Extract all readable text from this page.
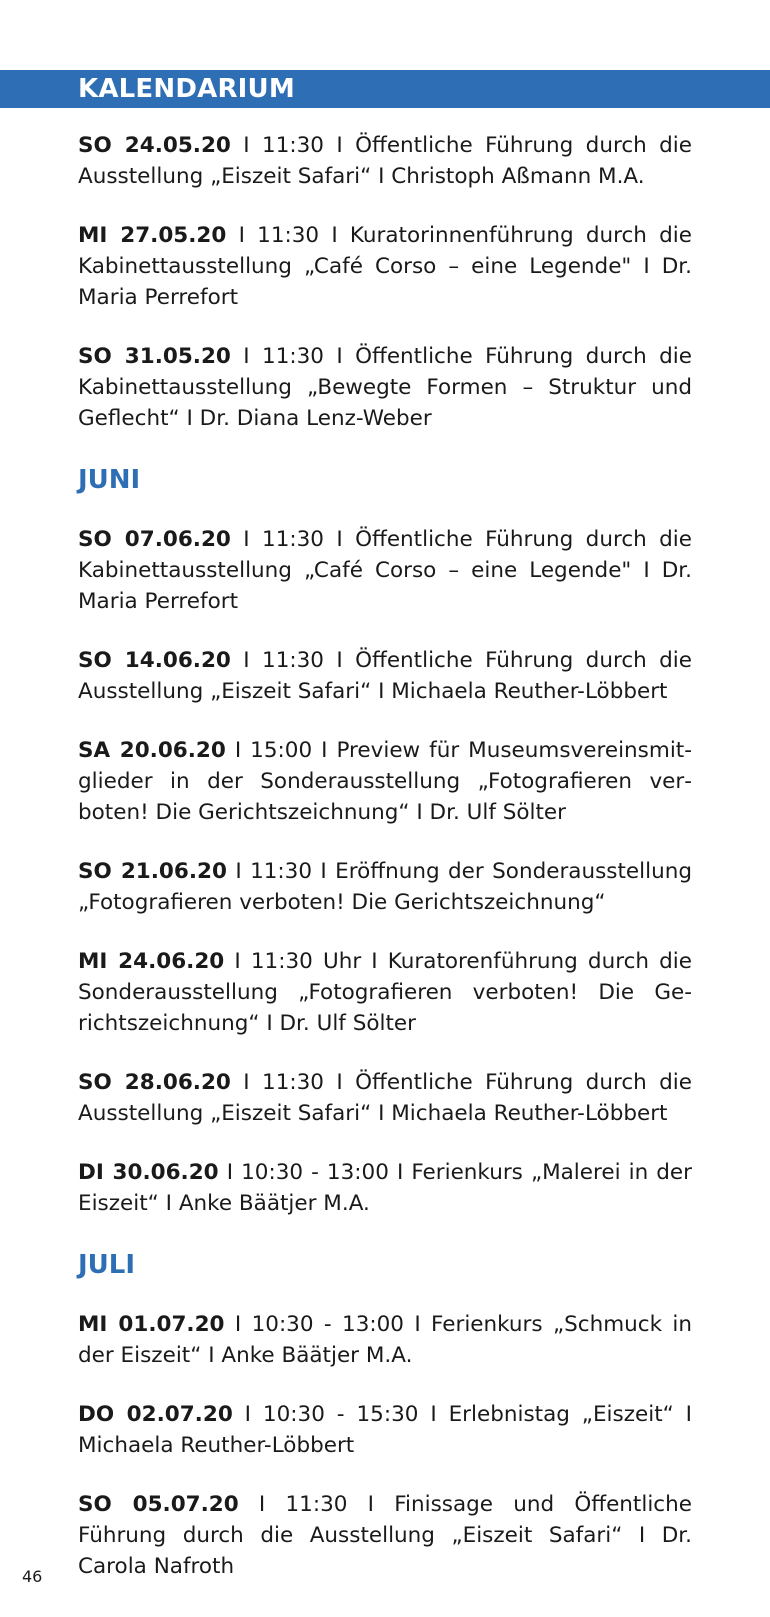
KALENDARIUM
SO 24.05.20 I 11:30 I Öffentliche Führung durch die Ausstellung „Eiszeit Safari“ I Christoph Aßmann M.A.
MI 27.05.20 I 11:30 I Kuratorinnenführung durch die Kabinettausstellung „Café Corso – eine Legende" I Dr. Maria Perrefort
SO 31.05.20 I 11:30 I Öffentliche Führung durch die Kabinettausstellung „Bewegte Formen – Struktur und Geflecht“ I Dr. Diana Lenz-Weber
JUNI
SO 07.06.20 I 11:30 I Öffentliche Führung durch die Kabinettausstellung „Café Corso – eine Legende" I Dr. Maria Perrefort
SO 14.06.20 I 11:30 I Öffentliche Führung durch die Ausstellung „Eiszeit Safari“ I Michaela Reuther-Löbbert
SA 20.06.20 I 15:00 I Preview für Museumsvereinsmitglieder in der Sonderausstellung „Fotografieren verboten! Die Gerichtszeichnung“ I Dr. Ulf Sölter
SO 21.06.20 I 11:30 I Eröffnung der Sonderausstellung „Fotografieren verboten! Die Gerichtszeichnung“
MI 24.06.20 I 11:30 Uhr I Kuratorenführung durch die Sonderausstellung „Fotografieren verboten! Die Gerichtszeichnung“ I Dr. Ulf Sölter
SO 28.06.20 I 11:30 I Öffentliche Führung durch die Ausstellung „Eiszeit Safari“ I Michaela Reuther-Löbbert
DI 30.06.20 I 10:30 - 13:00 I Ferienkurs „Malerei in der Eiszeit“ I Anke Bäätjer M.A.
JULI
MI 01.07.20 I 10:30 - 13:00 I Ferienkurs „Schmuck in der Eiszeit“ I Anke Bäätjer M.A.
DO 02.07.20 I 10:30 - 15:30 I Erlebnistag „Eiszeit“ I Michaela Reuther-Löbbert
SO 05.07.20 I 11:30 I Finissage und Öffentliche Führung durch die Ausstellung „Eiszeit Safari“ I Dr. Carola Nafroth
46
